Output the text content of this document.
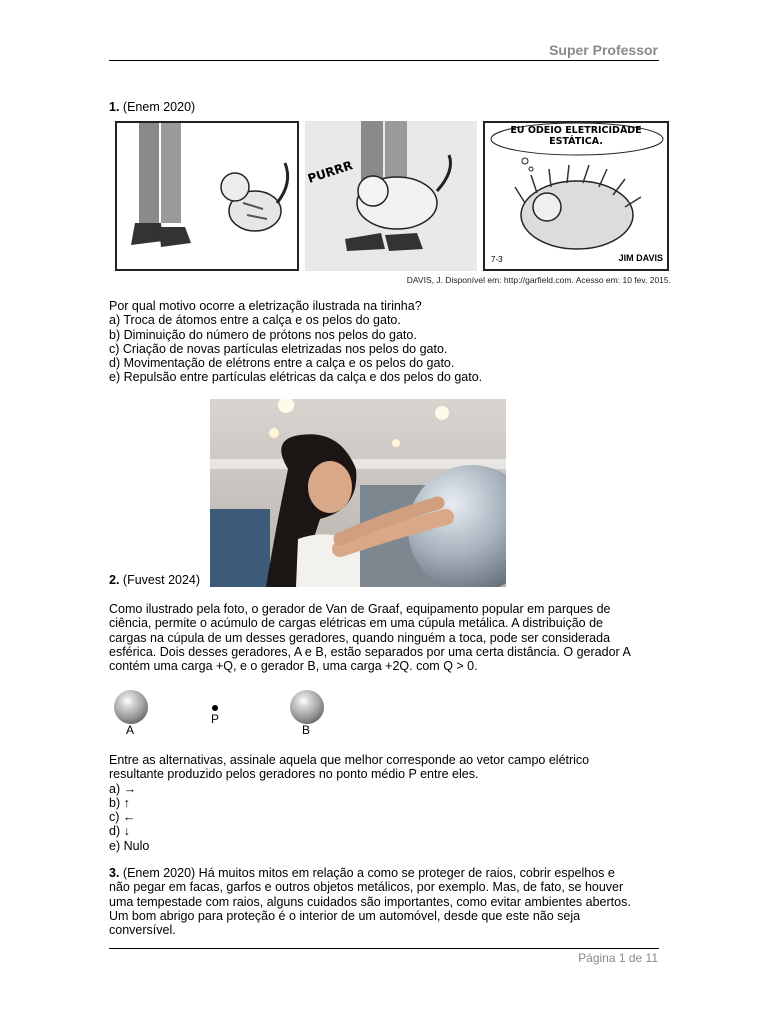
Super Professor
1. (Enem 2020)
PURRR
EU ODEIO ELETRICIDADE ESTÁTICA.
7-3	JIM DAVIS
DAVIS, J. Disponível em: http://garfield.com. Acesso em: 10 fev. 2015.
Por qual motivo ocorre a eletrização ilustrada na tirinha?
a) Troca de átomos entre a calça e os pelos do gato.
b) Diminuição do número de prótons nos pelos do gato.
c) Criação de novas partículas eletrizadas nos pelos do gato.
d) Movimentação de elétrons entre a calça e os pelos do gato.
e) Repulsão entre partículas elétricas da calça e dos pelos do gato.
2. (Fuvest 2024)
Como ilustrado pela foto, o gerador de Van de Graaf, equipamento popular em parques de
ciência, permite o acúmulo de cargas elétricas em uma cúpula metálica. A distribuição de
cargas na cúpula de um desses geradores, quando ninguém a toca, pode ser considerada
esférica. Dois desses geradores, A e B, estão separados por uma certa distância. O gerador A
contém uma carga +Q, e o gerador B, uma carga +2Q. com Q > 0.
A
P
B
Entre as alternativas, assinale aquela que melhor corresponde ao vetor campo elétrico
resultante produzido pelos geradores no ponto médio P entre eles.
a) →
b) ↑
c) ←
d) ↓
e) Nulo
3. (Enem 2020) Há muitos mitos em relação a como se proteger de raios, cobrir espelhos e
não pegar em facas, garfos e outros objetos metálicos, por exemplo. Mas, de fato, se houver
uma tempestade com raios, alguns cuidados são importantes, como evitar ambientes abertos.
Um bom abrigo para proteção é o interior de um automóvel, desde que este não seja
conversível.
Página 1 de 11
